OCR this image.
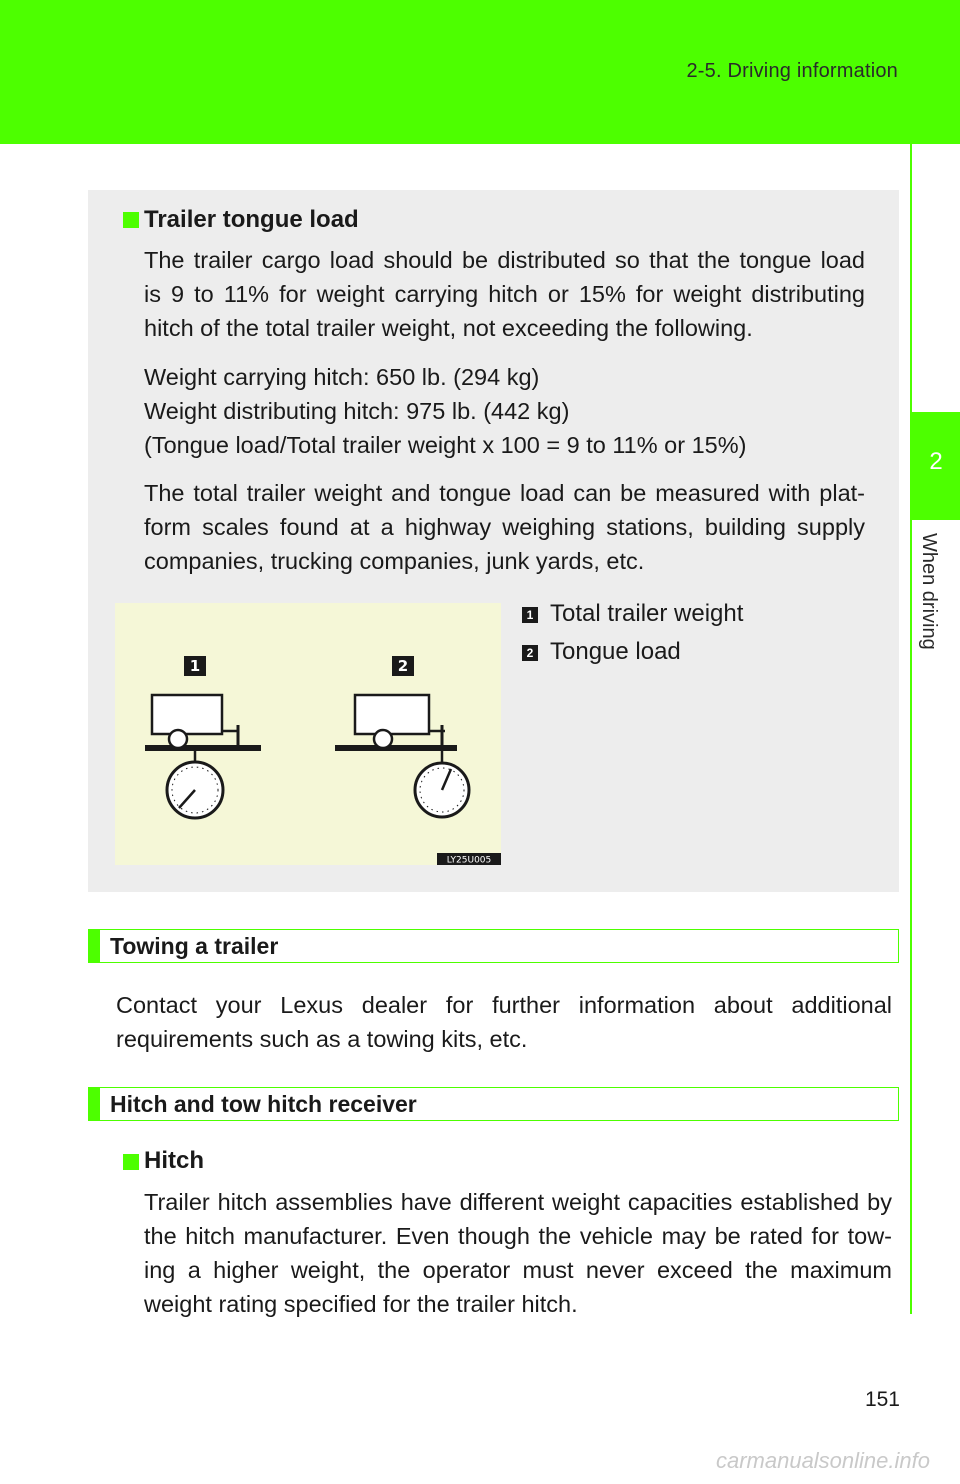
2-5. Driving information
2
When driving
Trailer tongue load
The trailer cargo load should be distributed so that the tongue load
is 9 to 11% for weight carrying hitch or 15% for weight distributing
hitch of the total trailer weight, not exceeding the following.
Weight carrying hitch: 650 lb. (294 kg)
Weight distributing hitch: 975 lb. (442 kg)
(Tongue load/Total trailer weight x 100 = 9 to 11% or 15%)
The total trailer weight and tongue load can be measured with plat-
form scales found at a highway weighing stations, building supply
companies, trucking companies, junk yards, etc.
1	2
LY25U005
1 Total trailer weight
2 Tongue load
Towing a trailer
Contact your Lexus dealer for further information about additional
requirements such as a towing kits, etc.
Hitch and tow hitch receiver
Hitch
Trailer hitch assemblies have different weight capacities established by
the hitch manufacturer. Even though the vehicle may be rated for tow-
ing a higher weight, the operator must never exceed the maximum
weight rating specified for the trailer hitch.
151
carmanualsonline.info
